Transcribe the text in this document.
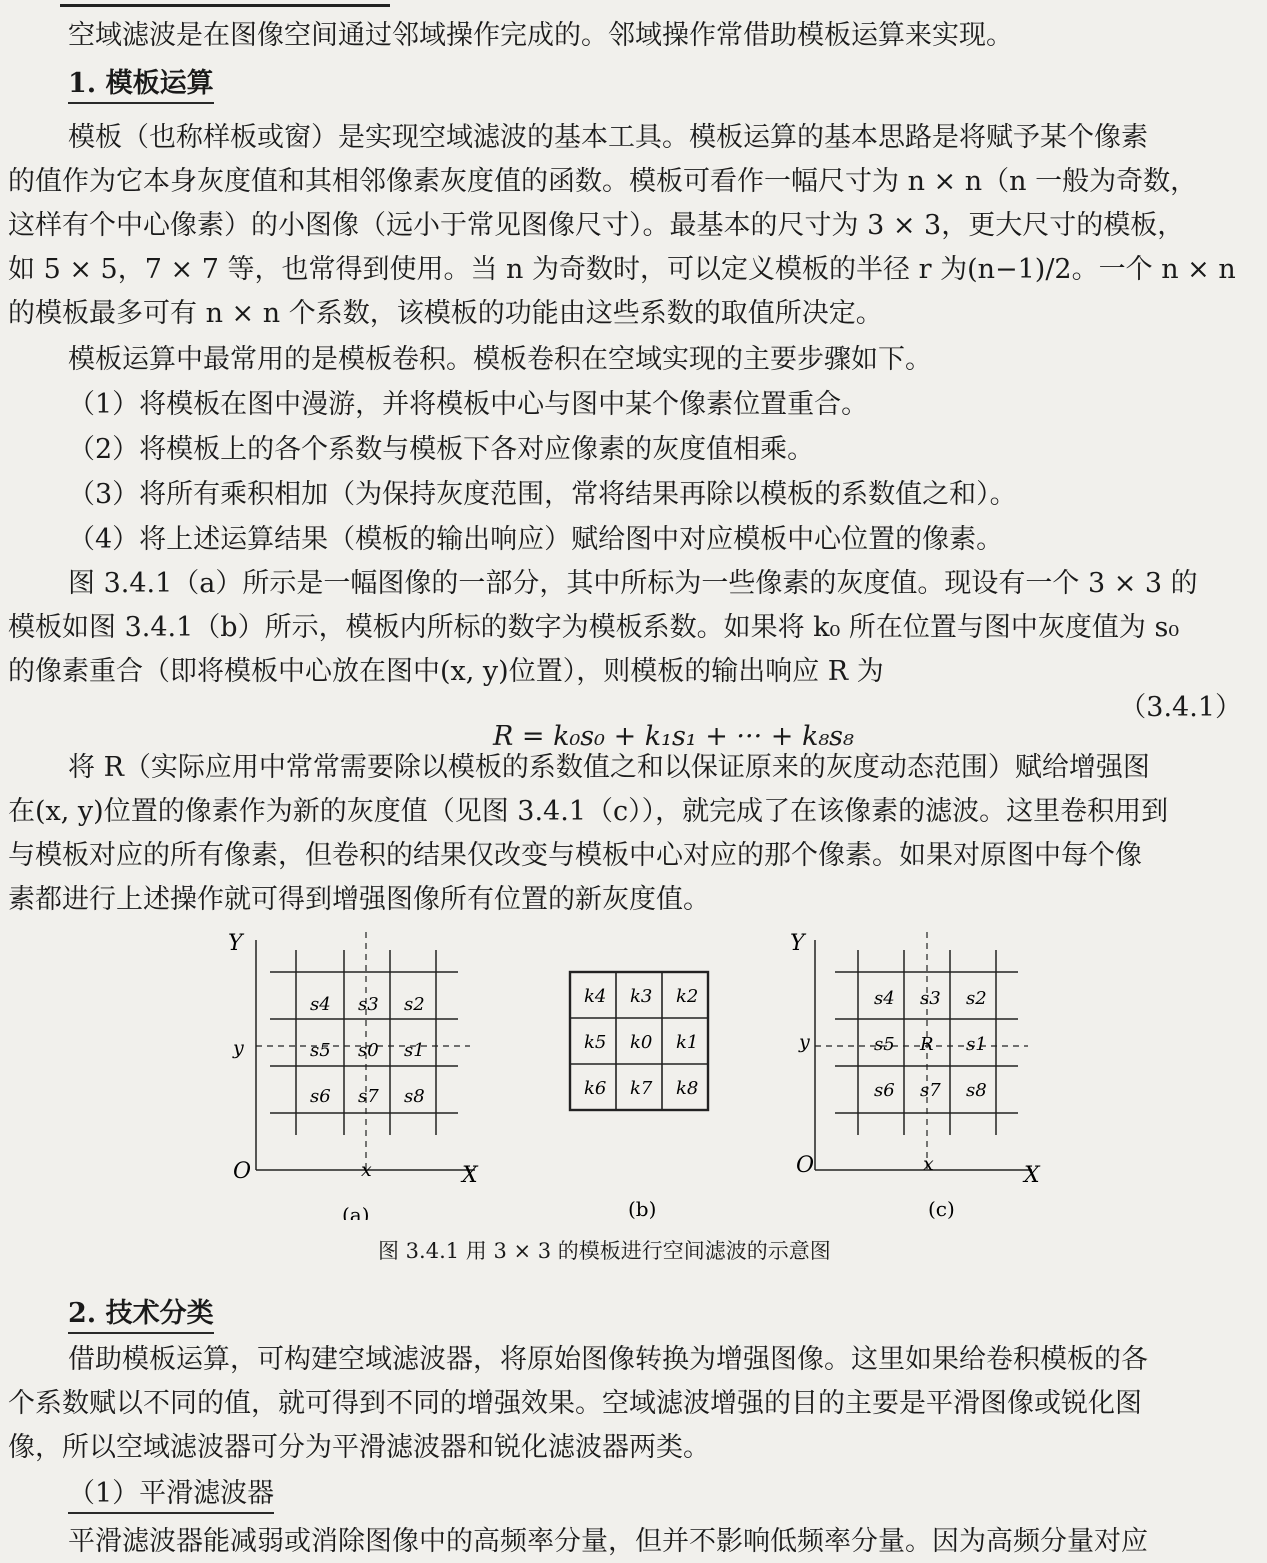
空域滤波是在图像空间通过邻域操作完成的。邻域操作常借助模板运算来实现。
1. 模板运算
模板（也称样板或窗）是实现空域滤波的基本工具。模板运算的基本思路是将赋予某个像素
的值作为它本身灰度值和其相邻像素灰度值的函数。模板可看作一幅尺寸为 n × n（n 一般为奇数，
这样有个中心像素）的小图像（远小于常见图像尺寸）。最基本的尺寸为 3 × 3，更大尺寸的模板，
如 5 × 5，7 × 7 等，也常得到使用。当 n 为奇数时，可以定义模板的半径 r 为(n−1)/2。一个 n × n
的模板最多可有 n × n 个系数，该模板的功能由这些系数的取值所决定。
模板运算中最常用的是模板卷积。模板卷积在空域实现的主要步骤如下。
（1）将模板在图中漫游，并将模板中心与图中某个像素位置重合。
（2）将模板上的各个系数与模板下各对应像素的灰度值相乘。
（3）将所有乘积相加（为保持灰度范围，常将结果再除以模板的系数值之和）。
（4）将上述运算结果（模板的输出响应）赋给图中对应模板中心位置的像素。
图 3.4.1（a）所示是一幅图像的一部分，其中所标为一些像素的灰度值。现设有一个 3 × 3 的
模板如图 3.4.1（b）所示，模板内所标的数字为模板系数。如果将 k₀ 所在位置与图中灰度值为 s₀
的像素重合（即将模板中心放在图中(x, y)位置），则模板的输出响应 R 为
（3.4.1）
R = k₀s₀ + k₁s₁ + ··· + k₈s₈
将 R（实际应用中常常需要除以模板的系数值之和以保证原来的灰度动态范围）赋给增强图
在(x, y)位置的像素作为新的灰度值（见图 3.4.1（c）），就完成了在该像素的滤波。这里卷积用到
与模板对应的所有像素，但卷积的结果仅改变与模板中心对应的那个像素。如果对原图中每个像
素都进行上述操作就可得到增强图像所有位置的新灰度值。
Y
X
O	x
y
Y
X
O	x
y
s4 s3 s2
s5 s0 s1
s6 s7 s8
k4 k3 k2
k5 k0 k1
k6 k7 k8
s4 s3 s2
s5 R s1
s6 s7 s8
(a)	(b)	(c)
图 3.4.1 用 3 × 3 的模板进行空间滤波的示意图
2. 技术分类
借助模板运算，可构建空域滤波器，将原始图像转换为增强图像。这里如果给卷积模板的各
个系数赋以不同的值，就可得到不同的增强效果。空域滤波增强的目的主要是平滑图像或锐化图
像，所以空域滤波器可分为平滑滤波器和锐化滤波器两类。
（1）平滑滤波器
平滑滤波器能减弱或消除图像中的高频率分量，但并不影响低频率分量。因为高频分量对应
